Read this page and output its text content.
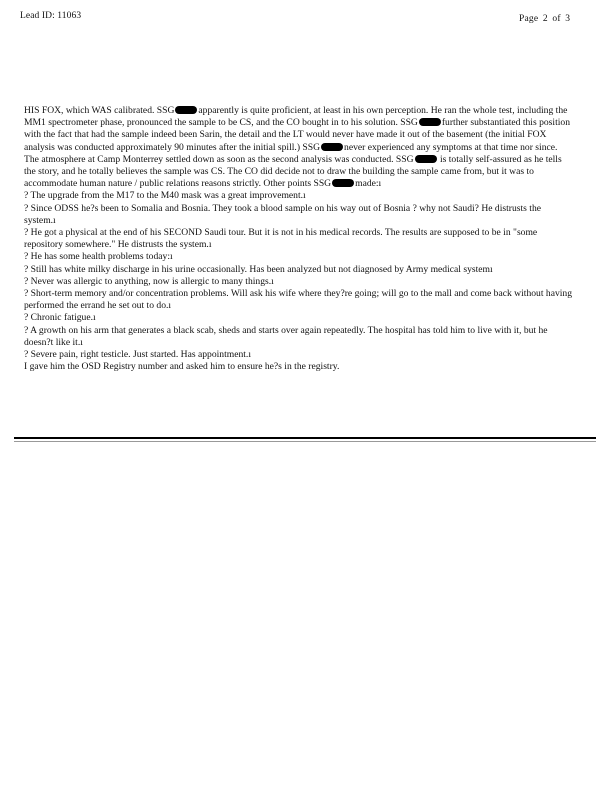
Lead ID: 11063	Page 2 of 3

HIS FOX, which WAS calibrated. SSG	apparently is quite proficient, at least in his own perception. He ran the whole test, including the MM1 spectrometer phase, pronounced the sample to be CS, and the CO bought in to his solution. SSG	further substantiated this position with the fact that had the sample indeed been Sarin, the detail and the LT would never have made it out of the basement (the initial FOX analysis was conducted approximately 90 minutes after the initial spill.) SSG	never experienced any symptoms at that time nor since. The atmosphere at Camp Monterrey settled down as soon as the second analysis was conducted. SSG	is totally self-assured as he tells the story, and he totally believes the sample was CS. The CO did decide not to draw the building the sample came from, but it was to accommodate human nature / public relations reasons strictly. Other points SSG	made:ı

? The upgrade from the M17 to the M40 mask was a great improvement.ı

? Since ODSS he?s been to Somalia and Bosnia. They took a blood sample on his way out of Bosnia ? why not Saudi? He distrusts the system.ı

? He got a physical at the end of his SECOND Saudi tour. But it is not in his medical records. The results are supposed to be in "some repository somewhere." He distrusts the system.ı

? He has some health problems today:ı

? Still has white milky discharge in his urine occasionally. Has been analyzed but not diagnosed by Army medical systemı

? Never was allergic to anything, now is allergic to many things.ı

? Short-term memory and/or concentration problems. Will ask his wife where they?re going; will go to the mall and come back without having performed the errand he set out to do.ı

? Chronic fatigue.ı

? A growth on his arm that generates a black scab, sheds and starts over again repeatedly. The hospital has told him to live with it, but he doesn?t like it.ı

? Severe pain, right testicle. Just started. Has appointment.ı

I gave him the OSD Registry number and asked him to ensure he?s in the registry.
